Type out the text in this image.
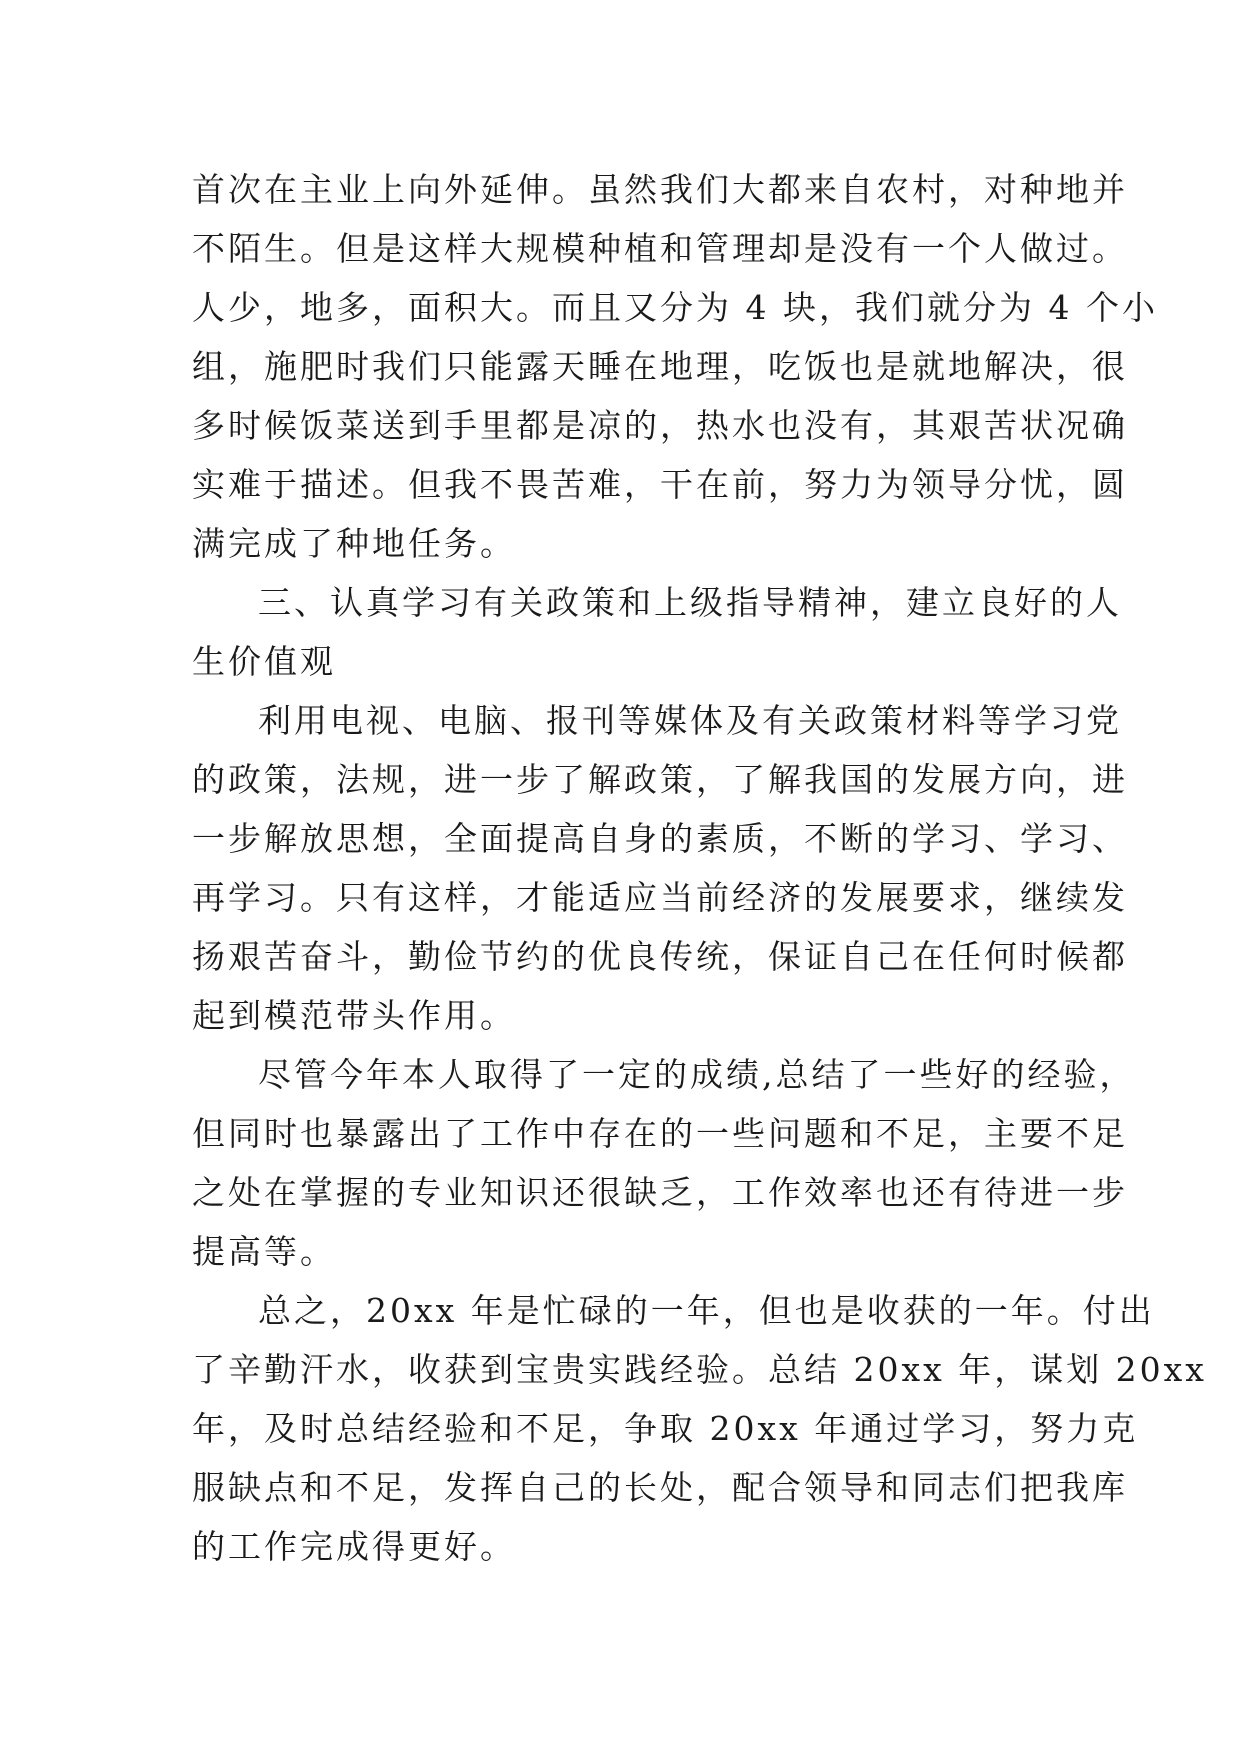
首次在主业上向外延伸。虽然我们大都来自农村，对种地并
不陌生。但是这样大规模种植和管理却是没有一个人做过。
人少，地多，面积大。而且又分为 4 块，我们就分为 4 个小
组，施肥时我们只能露天睡在地理，吃饭也是就地解决，很
多时候饭菜送到手里都是凉的，热水也没有，其艰苦状况确
实难于描述。但我不畏苦难，干在前，努力为领导分忧，圆
满完成了种地任务。
三、认真学习有关政策和上级指导精神，建立良好的人
生价值观
利用电视、电脑、报刊等媒体及有关政策材料等学习党
的政策，法规，进一步了解政策，了解我国的发展方向，进
一步解放思想，全面提高自身的素质，不断的学习、学习、
再学习。只有这样，才能适应当前经济的发展要求，继续发
扬艰苦奋斗，勤俭节约的优良传统，保证自己在任何时候都
起到模范带头作用。
尽管今年本人取得了一定的成绩,总结了一些好的经验，
但同时也暴露出了工作中存在的一些问题和不足，主要不足
之处在掌握的专业知识还很缺乏，工作效率也还有待进一步
提高等。
总之，20xx 年是忙碌的一年，但也是收获的一年。付出
了辛勤汗水，收获到宝贵实践经验。总结 20xx 年，谋划 20xx
年，及时总结经验和不足，争取 20xx 年通过学习，努力克
服缺点和不足，发挥自己的长处，配合领导和同志们把我库
的工作完成得更好。
